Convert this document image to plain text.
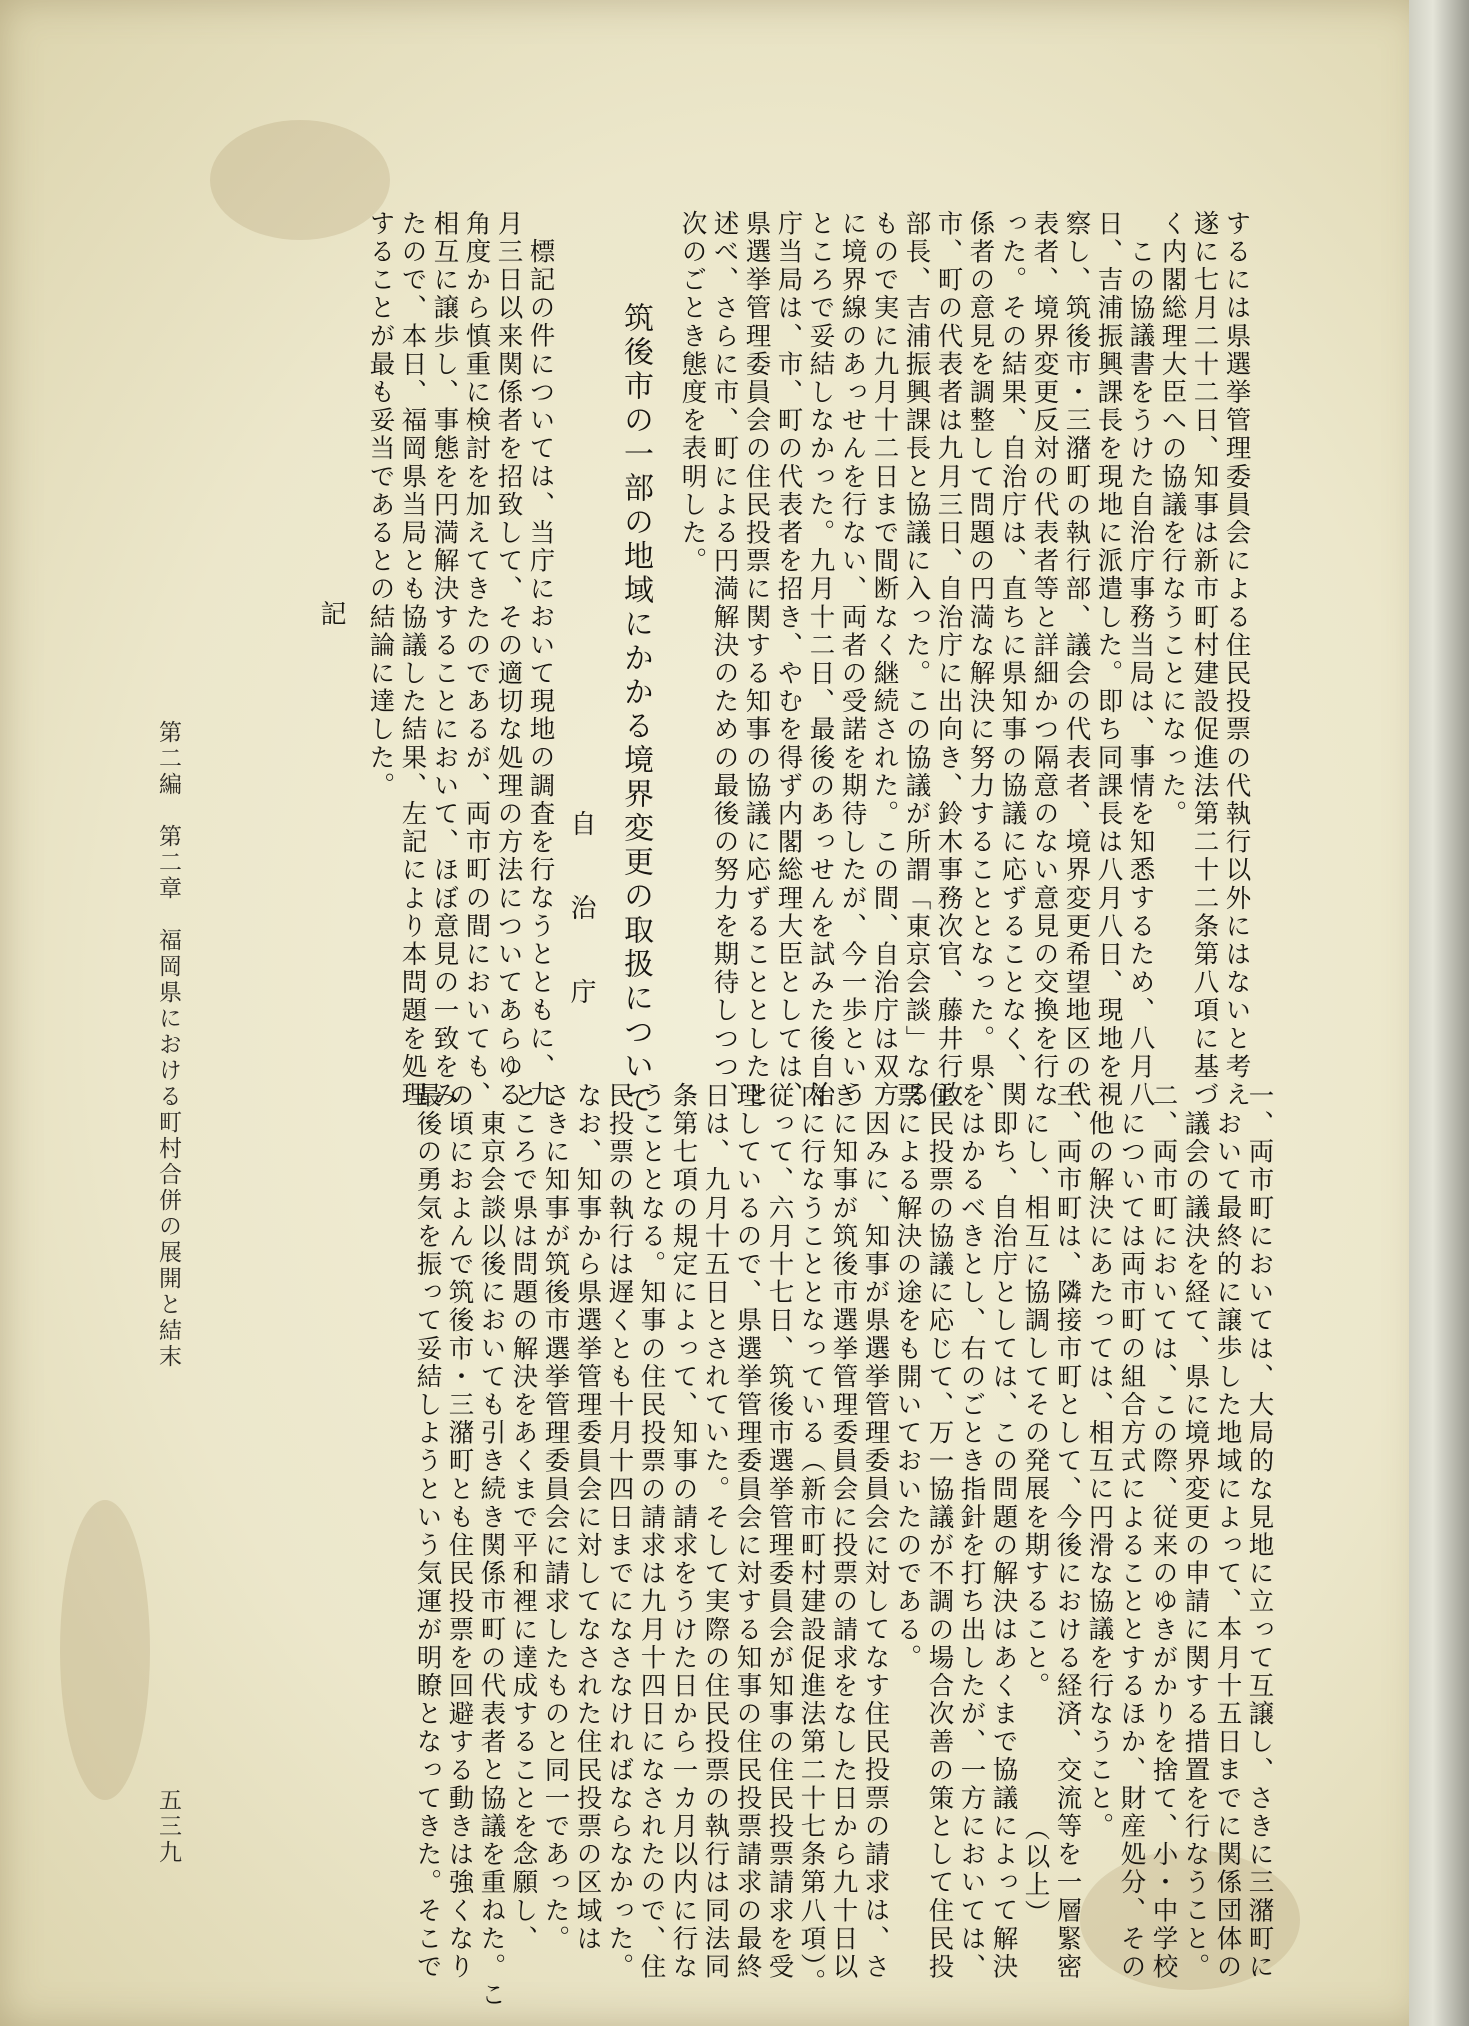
するには県選挙管理委員会による住民投票の代執行以外にはないと考え
遂に七月二十二日、知事は新市町村建設促進法第二十二条第八項に基づ
く内閣総理大臣への協議を行なうことになった。
この協議書をうけた自治庁事務当局は、事情を知悉するため、八月八
日、吉浦振興課長を現地に派遣した。即ち同課長は八月八日、現地を視
察し、筑後市・三潴町の執行部、議会の代表者、境界変更希望地区の代
表者、境界変更反対の代表者等と詳細かつ隔意のない意見の交換を行な
った。その結果、自治庁は、直ちに県知事の協議に応ずることなく、関
係者の意見を調整して問題の円満な解決に努力することとなった。県、
市、町の代表者は九月三日、自治庁に出向き、鈴木事務次官、藤井行政
部長、吉浦振興課長と協議に入った。この協議が所謂「東京会談」なる
もので実に九月十二日まで間断なく継続された。この間、自治庁は双方
に境界線のあっせんを行ない、両者の受諾を期待したが、今一歩という
ところで妥結しなかった。九月十二日、最後のあっせんを試みた後自治
庁当局は、市、町の代表者を招き、やむを得ず内閣総理大臣としては、
県選挙管理委員会の住民投票に関する知事の協議に応ずることとしたと
述べ、さらに市、町による円満解決のための最後の努力を期待しつつ、
次のごとき態度を表明した。
筑後市の一部の地域にかかる境界変更の取扱について
自　治　庁
標記の件については、当庁において現地の調査を行なうとともに、九
月三日以来関係者を招致して、その適切な処理の方法についてあらゆる
角度から慎重に検討を加えてきたのであるが、両市町の間においても、
相互に譲歩し、事態を円満解決することにおいて、ほぼ意見の一致をみ
たので、本日、福岡県当局とも協議した結果、左記により本問題を処理
することが最も妥当であるとの結論に達した。
記
一、両市町においては、大局的な見地に立って互譲し、さきに三潴町に
おいて最終的に譲歩した地域によって、本月十五日までに関係団体の
議会の議決を経て、県に境界変更の申請に関する措置を行なうこと。
二、両市町においては、この際、従来のゆきがかりを捨て、小・中学校
については両市町の組合方式によることとするほか、財産処分、その
他の解決にあたっては、相互に円滑な協議を行なうこと。
三、両市町は、隣接市町として、今後における経済、交流等を一層緊密
にし、相互に協調してその発展を期すること。　　　　　（以上）
即ち、自治庁としては、この問題の解決はあくまで協議によって解決
をはかるべきとし、右のごとき指針を打ち出したが、一方においては、
住民投票の協議に応じて、万一協議が不調の場合次善の策として住民投
票による解決の途をも開いておいたのである。
因みに、知事が県選挙管理委員会に対してなす住民投票の請求は、さ
きに知事が筑後市選挙管理委員会に投票の請求をなした日から九十日以
内に行なうこととなっている（新市町村建設促進法第二十七条第八項）。
従って、六月十七日、筑後市選挙管理委員会が知事の住民投票請求を受
理しているので、県選挙管理委員会に対する知事の住民投票請求の最終
日は、九月十五日とされていた。そして実際の住民投票の執行は同法同
条第七項の規定によって、知事の請求をうけた日から一カ月以内に行な
うこととなる。知事の住民投票の請求は九月十四日になされたので、住
民投票の執行は遅くとも十月十四日までになさなければならなかった。
なお、知事から県選挙管理委員会に対してなされた住民投票の区域は
さきに知事が筑後市選挙管理委員会に請求したものと同一であった。
ところで県は問題の解決をあくまで平和裡に達成することを念願し、
東京会談以後においても引き続き関係市町の代表者と協議を重ねた。こ
の頃におよんで筑後市・三潴町とも住民投票を回避する動きは強くなり
最後の勇気を振って妥結しようという気運が明瞭となってきた。そこで
第二編　第二章　福岡県における町村合併の展開と結末
五三九
